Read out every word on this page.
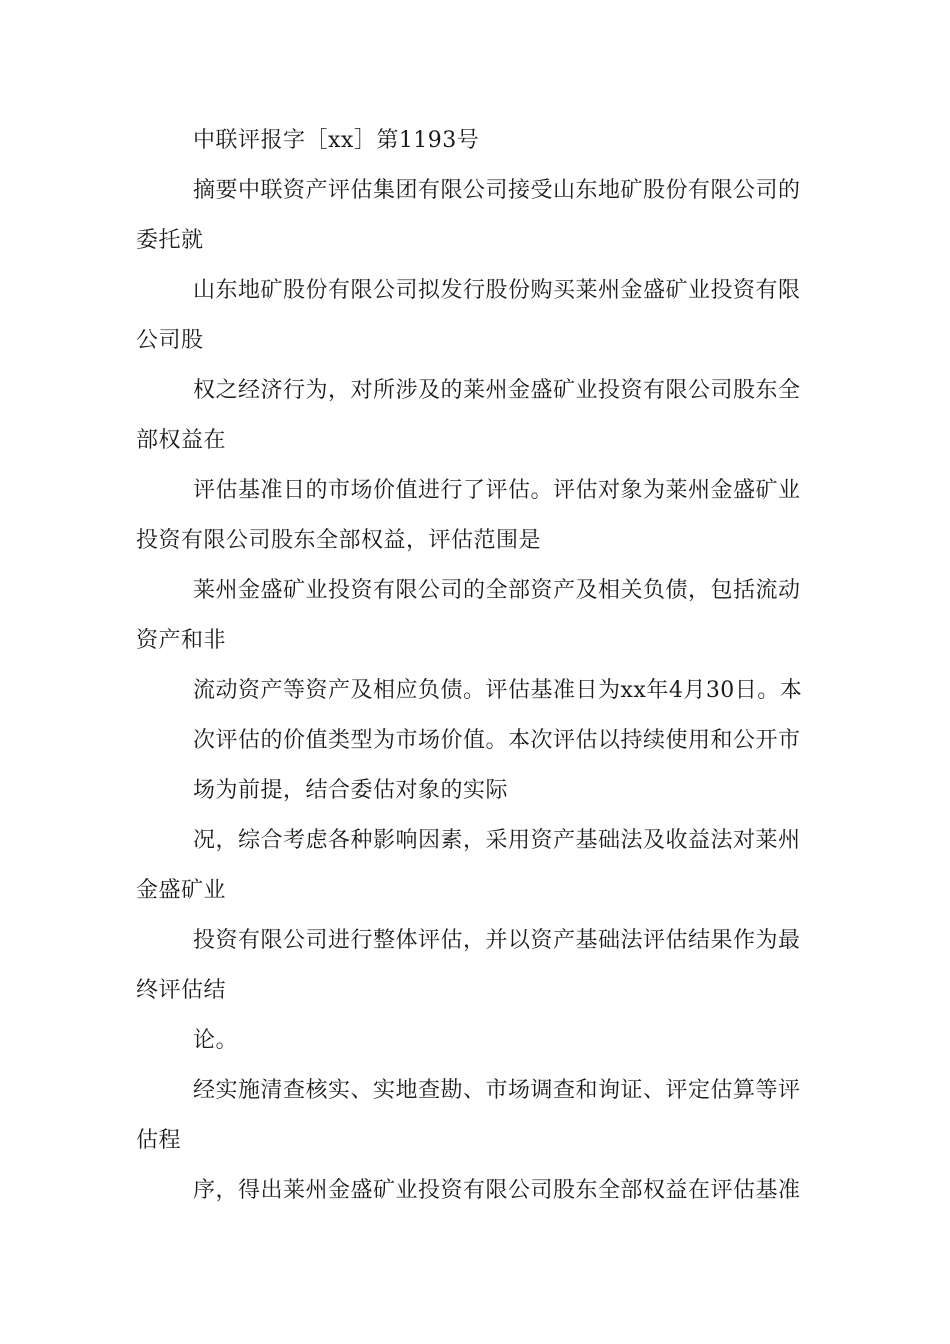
中联评报字［xx］第1193号
摘要中联资产评估集团有限公司接受山东地矿股份有限公司的
委托就
山东地矿股份有限公司拟发行股份购买莱州金盛矿业投资有限
公司股
权之经济行为，对所涉及的莱州金盛矿业投资有限公司股东全
部权益在
评估基准日的市场价值进行了评估。评估对象为莱州金盛矿业
投资有限公司股东全部权益，评估范围是
莱州金盛矿业投资有限公司的全部资产及相关负债，包括流动
资产和非
流动资产等资产及相应负债。评估基准日为xx年4月30日。本
次评估的价值类型为市场价值。本次评估以持续使用和公开市
场为前提，结合委估对象的实际
况，综合考虑各种影响因素，采用资产基础法及收益法对莱州
金盛矿业
投资有限公司进行整体评估，并以资产基础法评估结果作为最
终评估结
论。
经实施清查核实、实地查勘、市场调查和询证、评定估算等评
估程
序，得出莱州金盛矿业投资有限公司股东全部权益在评估基准
